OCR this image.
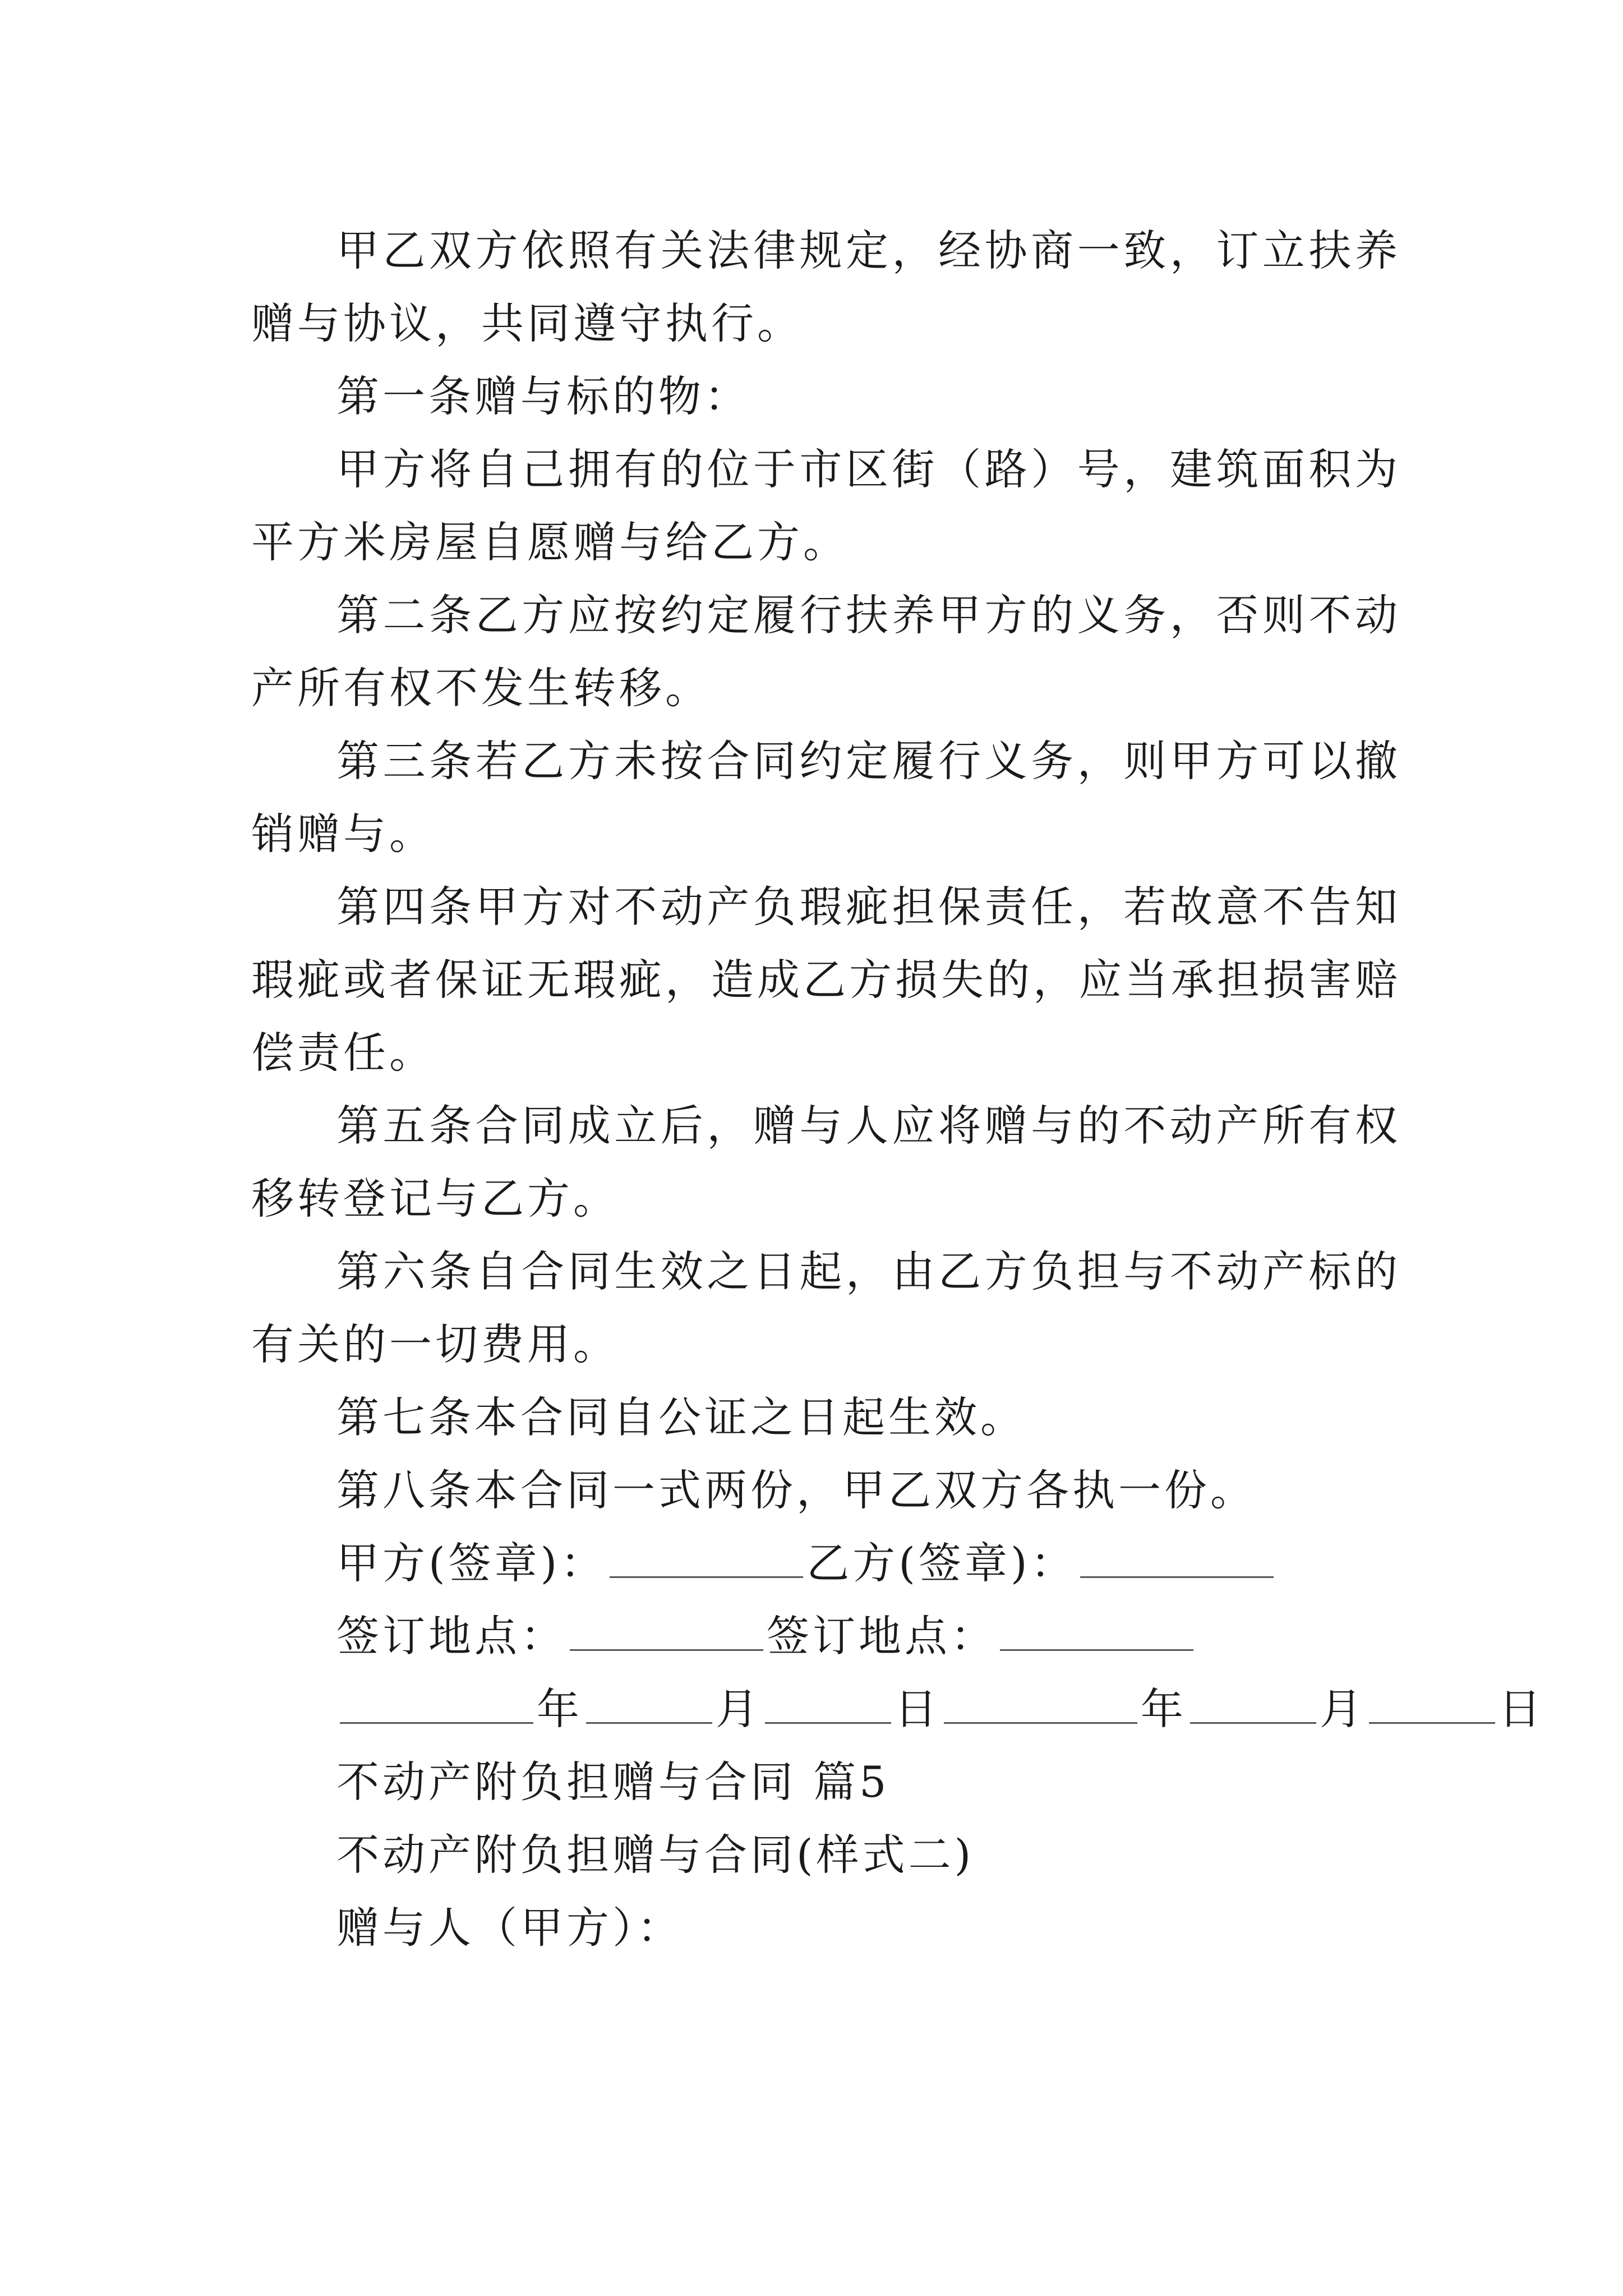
甲乙双方依照有关法律规定，经协商一致，订立扶养赠与协议，共同遵守执行。

第一条赠与标的物：

甲方将自己拥有的位于市区街（路）号，建筑面积为平方米房屋自愿赠与给乙方。

第二条乙方应按约定履行扶养甲方的义务，否则不动产所有权不发生转移。

第三条若乙方未按合同约定履行义务，则甲方可以撤销赠与。

第四条甲方对不动产负瑕疵担保责任，若故意不告知瑕疵或者保证无瑕疵，造成乙方损失的，应当承担损害赔偿责任。

第五条合同成立后，赠与人应将赠与的不动产所有权移转登记与乙方。

第六条自合同生效之日起，由乙方负担与不动产标的有关的一切费用。

第七条本合同自公证之日起生效。

第八条本合同一式两份，甲乙双方各执一份。

甲方(签章)：	乙方(签章)：

签订地点：	签订地点：

年	月	日	年	月	日

不动产附负担赠与合同 篇5

不动产附负担赠与合同(样式二)

赠与人（甲方）：
